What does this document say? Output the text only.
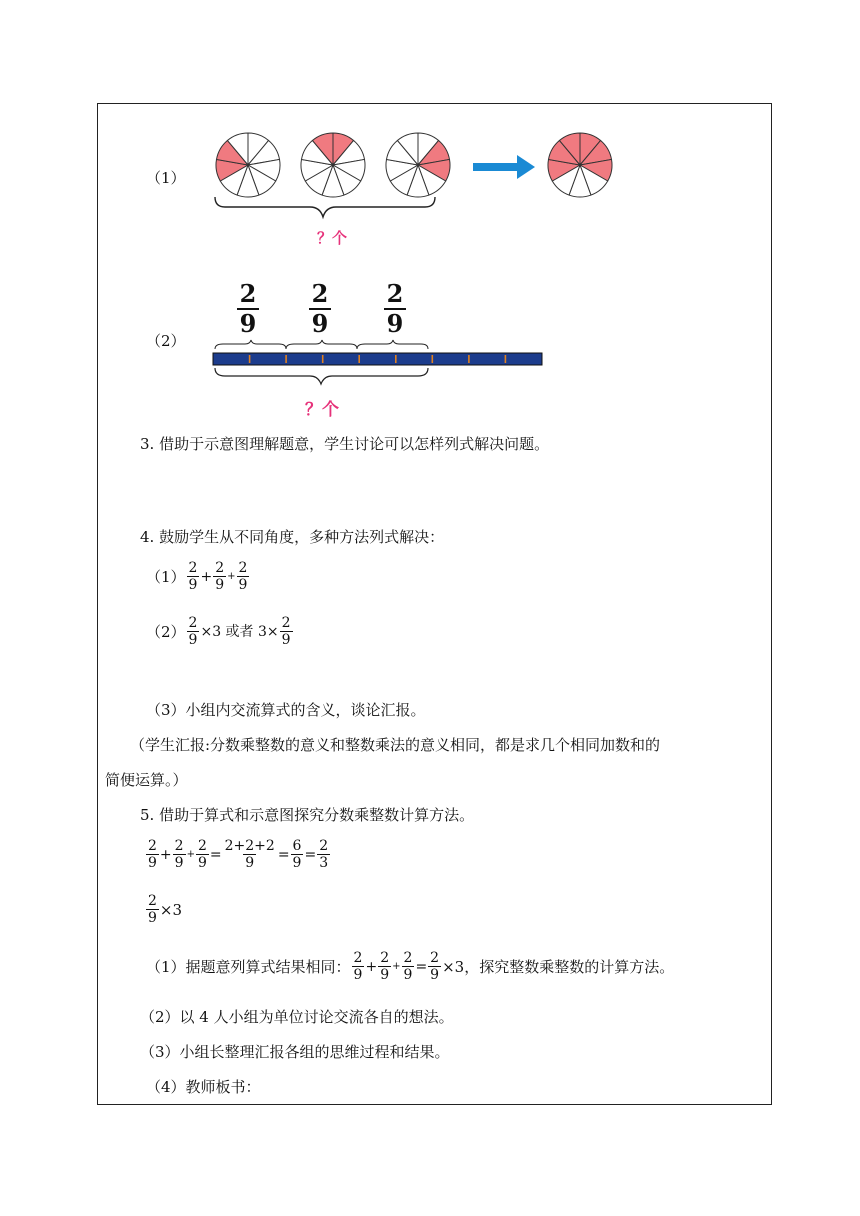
（1）
？个
$\frac{2}{9} \frac{2}{9} \frac{2}{9}$
（2）
？个
3. 借助于示意图理解题意，学生讨论可以怎样列式解决问题。
4. 鼓励学生从不同角度，多种方法列式解决：
$(1) \frac{2}{9} + \frac{2}{9} + \frac{2}{9}$
$(2) \frac{2}{9} \times 3$ 或者 $3\times \frac{2}{9}$
（3）小组内交流算式的含义，谈论汇报。
（学生汇报:分数乘整数的意义和整数乘法的意义相同，都是求几个相同加数和的
简便运算。）
5. 借助于算式和示意图探究分数乘整数计算方法。
$\frac{2}{9} + \frac{2}{9} + \frac{2}{9} = \frac{2+2+2}{9} = \frac{6}{9} = \frac{2}{3}$
$\frac{2}{9} \times 3$
（1）据题意列算式结果相同： $\frac{2}{9} + \frac{2}{9} + \frac{2}{9} = \frac{2}{9} \times 3$ ，探究整数乘整数的计算方法。
（2）以 4 人小组为单位讨论交流各自的想法。
（3）小组长整理汇报各组的思维过程和结果。
（4）教师板书：
